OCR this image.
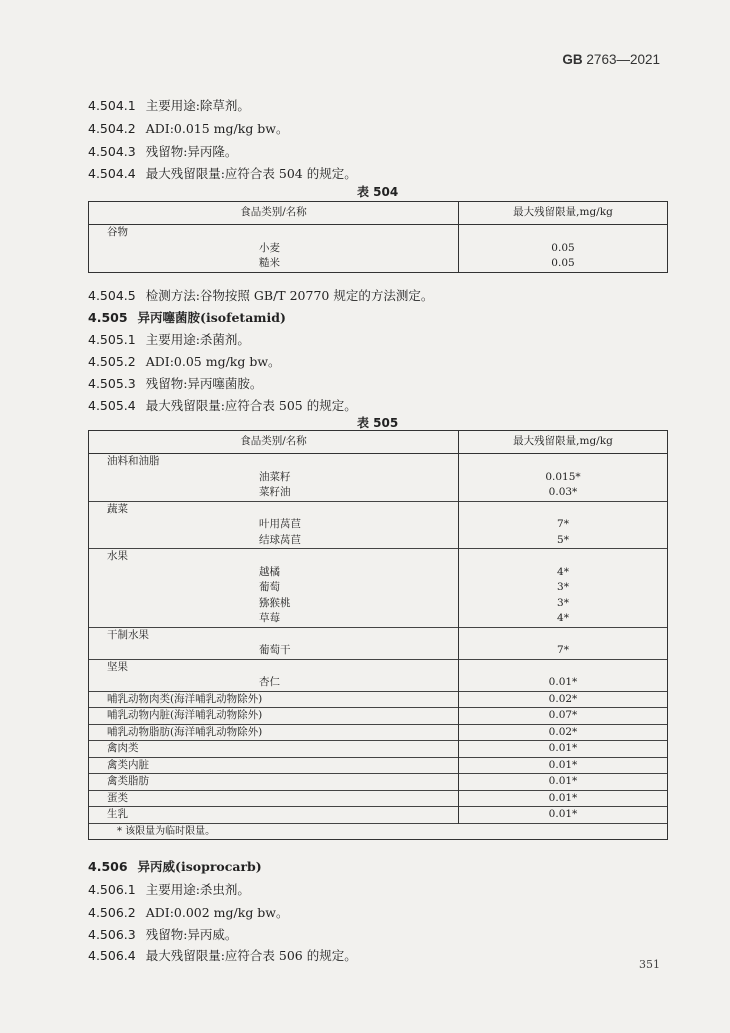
GB 2763—2021
4.504.1 主要用途:除草剂。
4.504.2 ADI:0.015 mg/kg bw。
4.504.3 残留物:异丙隆。
4.504.4 最大残留限量:应符合表 504 的规定。
表 504
食品类别/名称	最大残留限量,mg/kg
谷物	
小麦	0.05
糙米	0.05
4.504.5 检测方法:谷物按照 GB/T 20770 规定的方法测定。
4.505 异丙噻菌胺(isofetamid)
4.505.1 主要用途:杀菌剂。
4.505.2 ADI:0.05 mg/kg bw。
4.505.3 残留物:异丙噻菌胺。
4.505.4 最大残留限量:应符合表 505 的规定。
表 505
食品类别/名称	最大残留限量,mg/kg
油料和油脂	
油菜籽	0.015*
菜籽油	0.03*
蔬菜	
叶用莴苣	7*
结球莴苣	5*
水果	
越橘	4*
葡萄	3*
猕猴桃	3*
草莓	4*
干制水果	
葡萄干	7*
坚果	
杏仁	0.01*
哺乳动物肉类(海洋哺乳动物除外)	0.02*
哺乳动物内脏(海洋哺乳动物除外)	0.07*
哺乳动物脂肪(海洋哺乳动物除外)	0.02*
禽肉类	0.01*
禽类内脏	0.01*
禽类脂肪	0.01*
蛋类	0.01*
生乳	0.01*
* 该限量为临时限量。	
4.506 异丙威(isoprocarb)
4.506.1 主要用途:杀虫剂。
4.506.2 ADI:0.002 mg/kg bw。
4.506.3 残留物:异丙威。
4.506.4 最大残留限量:应符合表 506 的规定。
351
